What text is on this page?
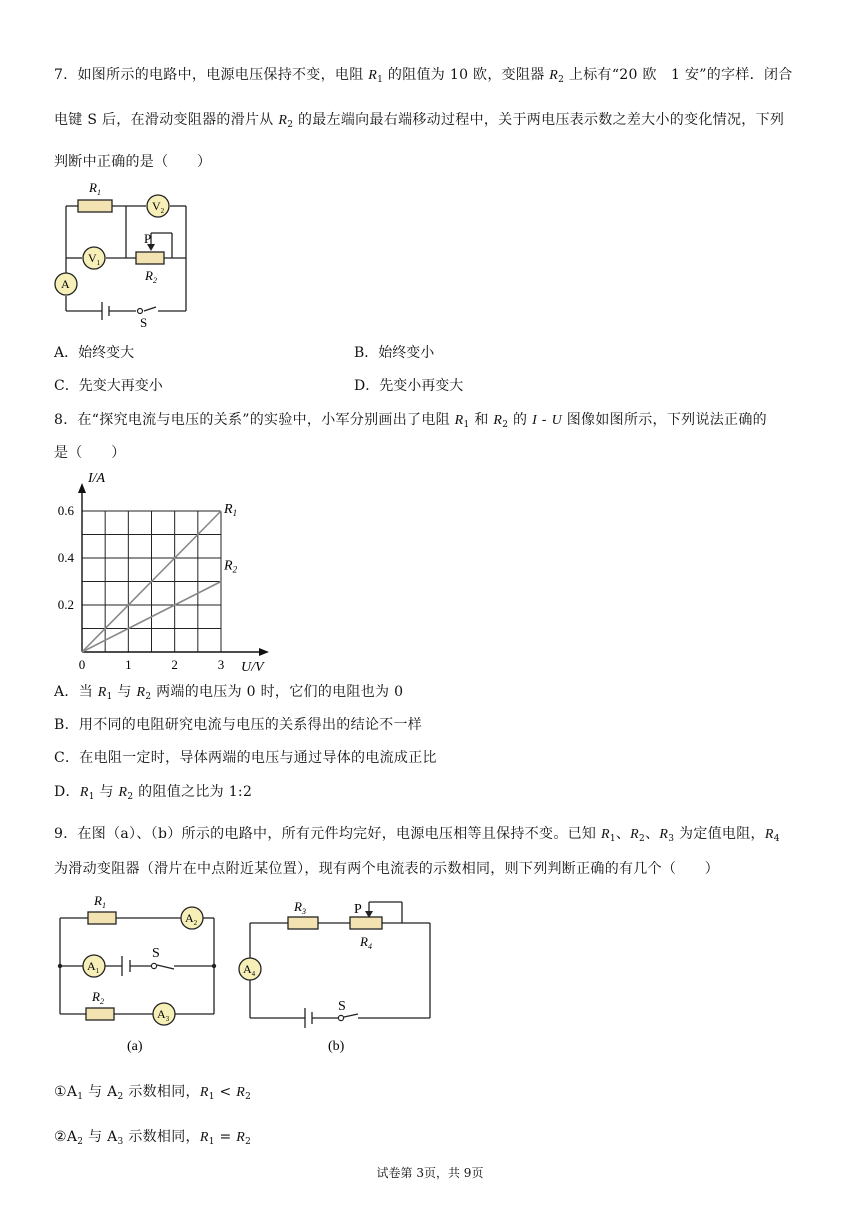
7．如图所示的电路中，电源电压保持不变，电阻 $R_1$ 的阻值为 10 欧，变阻器 $R_2$ 上标有“20 欧　1 安”的字样．闭合
电键 S 后，在滑动变阻器的滑片从 $R_2$ 的最左端向最右端移动过程中，关于两电压表示数之差大小的变化情况，下列
判断中正确的是（　　）
$R_1$
$V_2$
$V_1$
P
$R_2$
A
S
A．始终变大	B．始终变小
C．先变大再变小	D．先变小再变大
8．在“探究电流与电压的关系”的实验中，小军分别画出了电阻 $R_1$ 和 $R_2$ 的 I - U 图像如图所示，下列说法正确的
是（　　）
0.2
0.4
0.6
0	1	2	3
I/A
U/V
$R_1$
$R_2$
A．当 $R_1$ 与 $R_2$ 两端的电压为 0 时，它们的电阻也为 0
B．用不同的电阻研究电流与电压的关系得出的结论不一样
C．在电阻一定时，导体两端的电压与通过导体的电流成正比
D．$R_1$ 与 $R_2$ 的阻值之比为 1:2
9．在图（a）、（b）所示的电路中，所有元件均完好，电源电压相等且保持不变。已知 $R_1$、$R_2$、$R_3$ 为定值电阻，$R_4$
为滑动变阻器（滑片在中点附近某位置），现有两个电流表的示数相同，则下列判断正确的有几个（　　）
$R_1$
$A_2$
$A_1$
S
$R_2$
$A_3$
(a)
$R_3$	P
$R_4$
$A_4$
S
(b)
$①A_1$ 与 $A_2$ 示数相同，$R_1 < R_2$
$②A_2$ 与 $A_3$ 示数相同，$R_1 = R_2$
试卷第 3页，共 9页
